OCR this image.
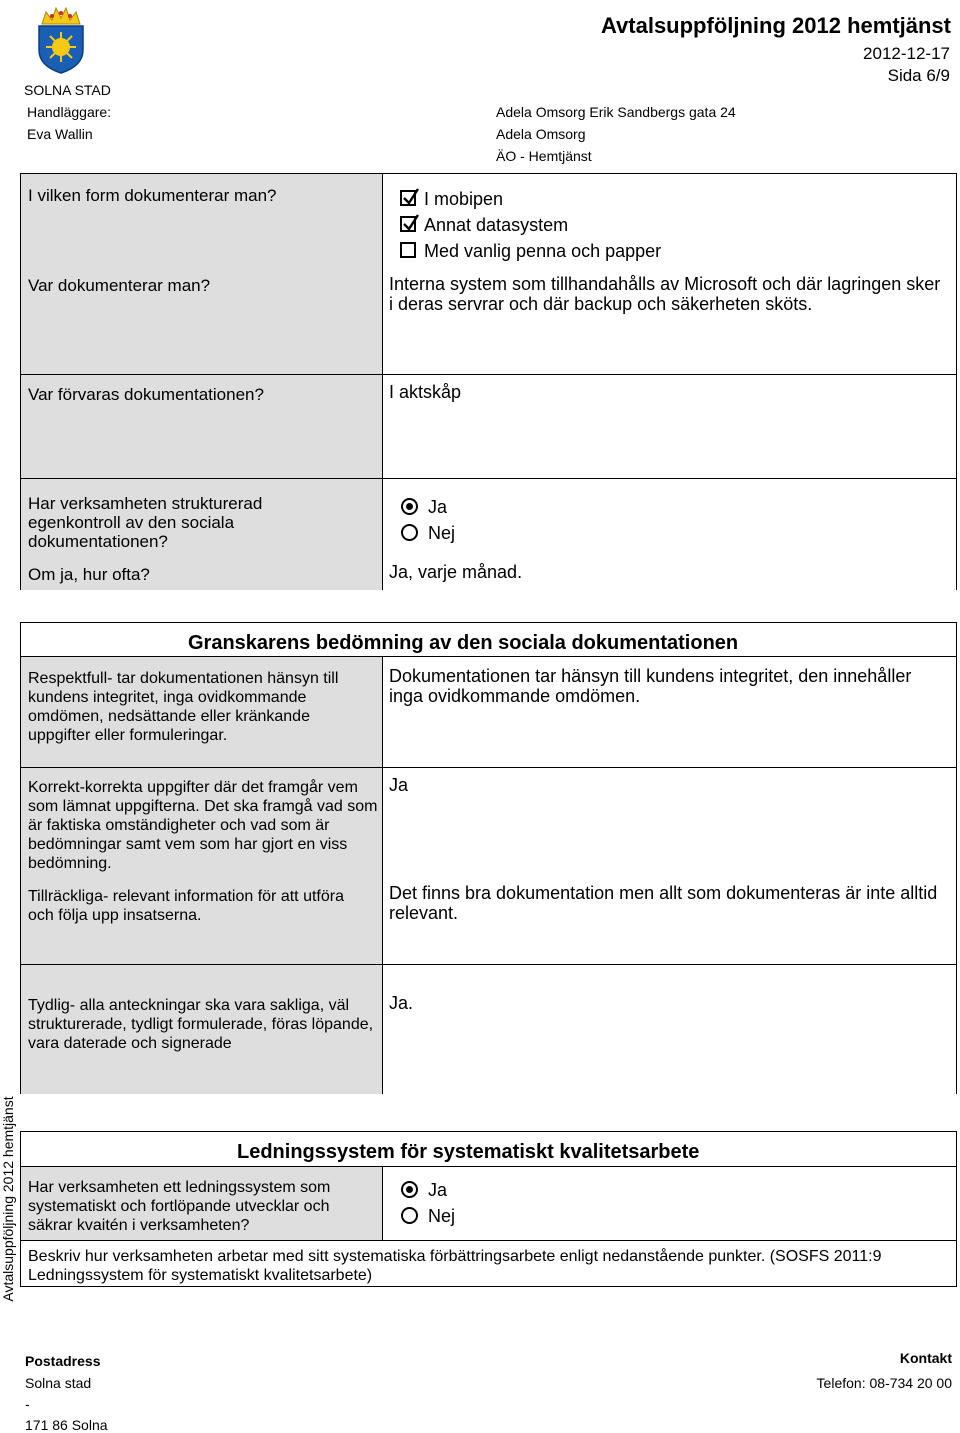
SOLNA STAD
Avtalsuppföljning 2012 hemtjänst
2012-12-17
Sida 6/9
Handläggare:
Eva Wallin
Adela Omsorg Erik Sandbergs gata 24
Adela Omsorg
ÄO - Hemtjänst
I vilken form dokumenterar man?
Var dokumenterar man?
Var förvaras dokumentationen?
Har verksamheten strukturerad egenkontroll av den sociala dokumentationen?
Om ja, hur ofta?
I mobipen
Annat datasystem
Med vanlig penna och papper
Interna system som tillhandahålls av Microsoft och där lagringen sker i deras servrar och där backup och säkerheten sköts.
I aktskåp
Ja
Nej
Ja, varje månad.
Granskarens bedömning av den sociala dokumentationen
Respektfull- tar dokumentationen hänsyn till kundens integritet, inga ovidkommande omdömen, nedsättande eller kränkande uppgifter eller formuleringar.
Dokumentationen tar hänsyn till kundens integritet, den innehåller inga ovidkommande omdömen.
Korrekt-korrekta uppgifter där det framgår vem som lämnat uppgifterna. Det ska framgå vad som är faktiska omständigheter och vad som är bedömningar samt vem som har gjort en viss bedömning.
Ja
Tillräckliga- relevant information för att utföra och följa upp insatserna.
Det finns bra dokumentation men allt som dokumenteras är inte alltid relevant.
Tydlig- alla anteckningar ska vara sakliga, väl strukturerade, tydligt formulerade, föras löpande, vara daterade och signerade
Ja.
Avtalsuppföljning 2012 hemtjänst	Ledningssystem för systematiskt kvalitetsarbete
Har verksamheten ett ledningssystem som systematiskt och fortlöpande utvecklar och säkrar kvaitén i verksamheten?
Ja
Nej
Beskriv hur verksamheten arbetar med sitt systematiska förbättringsarbete enligt nedanstående punkter. (SOSFS 2011:9 Ledningssystem för systematiskt kvalitetsarbete)
Postadress
Solna stad
-
171 86 Solna
Kontakt
Telefon: 08-734 20 00
